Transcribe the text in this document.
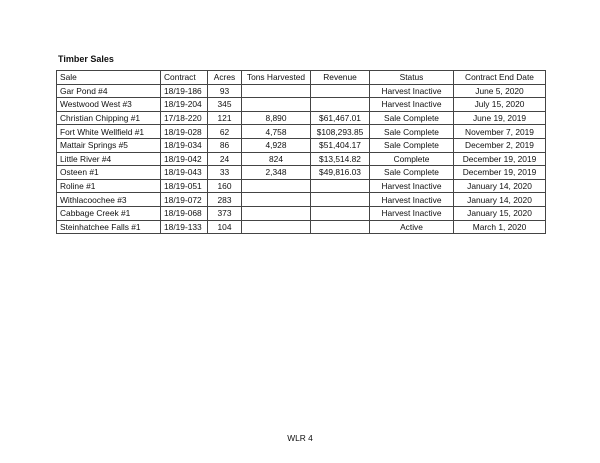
Timber Sales
Sale	Contract	Acres	Tons Harvested	Revenue	Status	Contract End Date
Gar Pond #4	18/19-186	93			Harvest Inactive	June 5, 2020
Westwood West #3	18/19-204	345			Harvest Inactive	July 15, 2020
Christian Chipping #1	17/18-220	121	8,890	$61,467.01	Sale Complete	June 19, 2019
Fort White Wellfield #1	18/19-028	62	4,758	$108,293.85	Sale Complete	November 7, 2019
Mattair Springs #5	18/19-034	86	4,928	$51,404.17	Sale Complete	December 2, 2019
Little River #4	18/19-042	24	824	$13,514.82	Complete	December 19, 2019
Osteen #1	18/19-043	33	2,348	$49,816.03	Sale Complete	December 19, 2019
Roline #1	18/19-051	160			Harvest Inactive	January 14, 2020
Withlacoochee #3	18/19-072	283			Harvest Inactive	January 14, 2020
Cabbage Creek #1	18/19-068	373			Harvest Inactive	January 15, 2020
Steinhatchee Falls #1	18/19-133	104			Active	March 1, 2020
WLR 4
